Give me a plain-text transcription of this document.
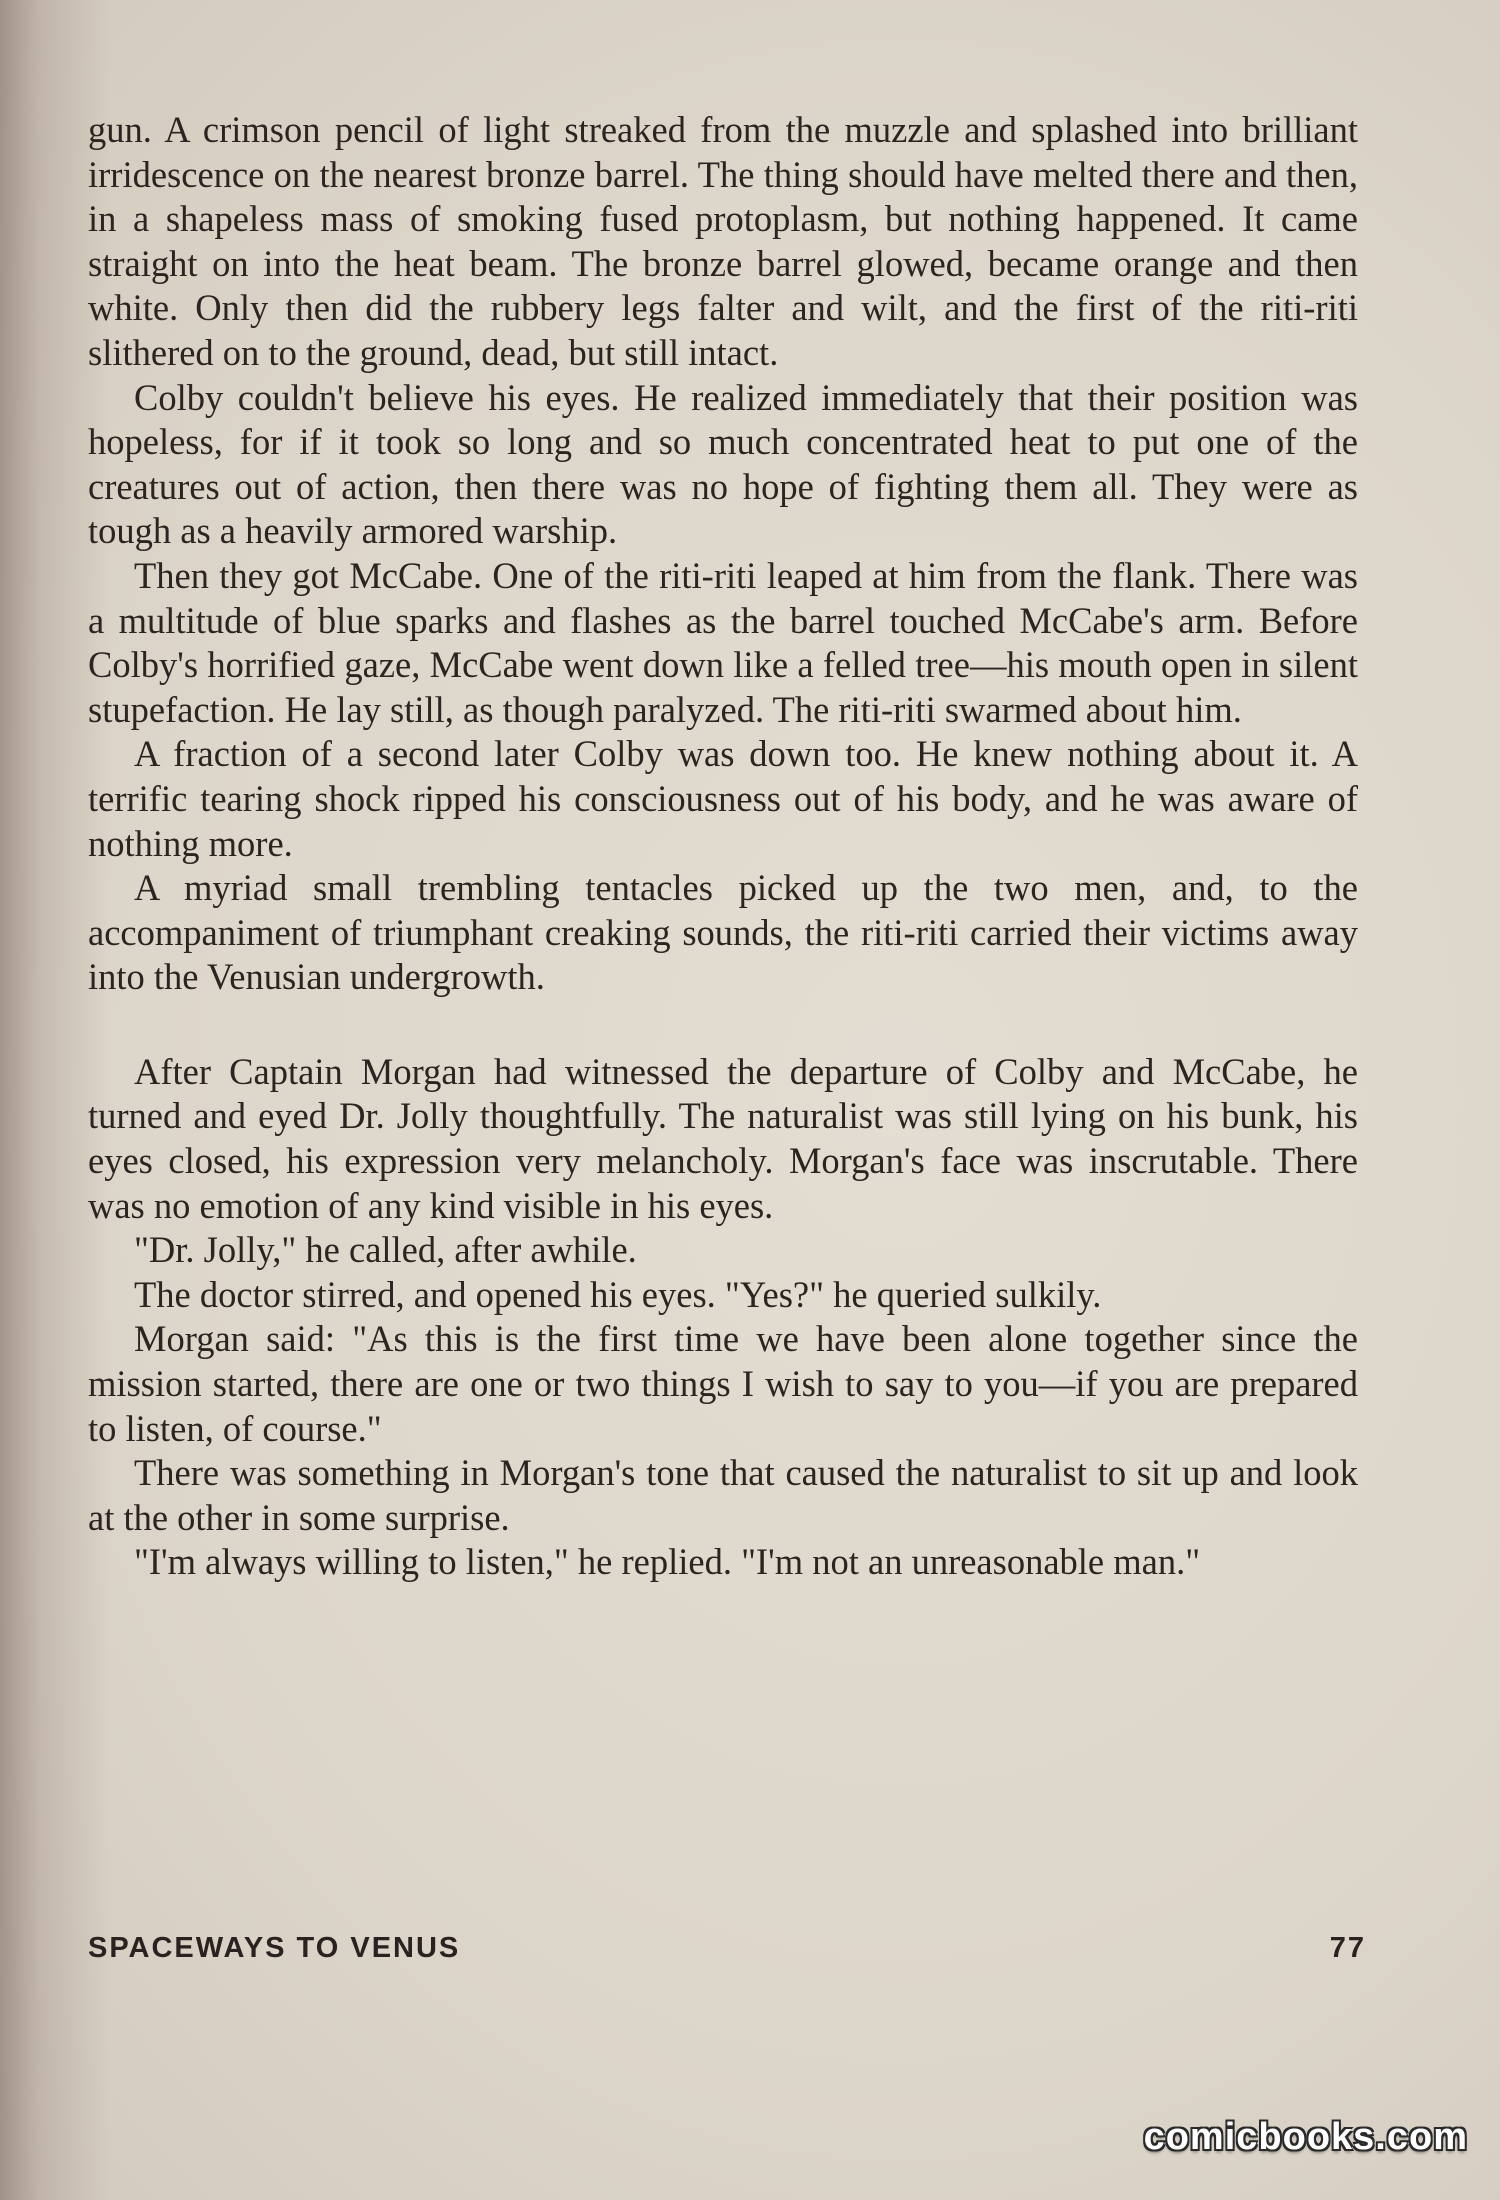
gun. A crimson pencil of light streaked from the muzzle and splashed into brilliant irridescence on the nearest bronze barrel. The thing should have melted there and then, in a shapeless mass of smoking fused protoplasm, but nothing happened. It came straight on into the heat beam. The bronze barrel glowed, became orange and then white. Only then did the rubbery legs falter and wilt, and the first of the riti-riti slithered on to the ground, dead, but still intact.

Colby couldn't believe his eyes. He realized immediately that their position was hopeless, for if it took so long and so much concentrated heat to put one of the creatures out of action, then there was no hope of fighting them all. They were as tough as a heavily armored warship.

Then they got McCabe. One of the riti-riti leaped at him from the flank. There was a multitude of blue sparks and flashes as the barrel touched McCabe's arm. Before Colby's horrified gaze, McCabe went down like a felled tree—his mouth open in silent stupefaction. He lay still, as though paralyzed. The riti-riti swarmed about him.

A fraction of a second later Colby was down too. He knew nothing about it. A terrific tearing shock ripped his consciousness out of his body, and he was aware of nothing more.

A myriad small trembling tentacles picked up the two men, and, to the accompaniment of triumphant creaking sounds, the riti-riti carried their victims away into the Venusian undergrowth.

After Captain Morgan had witnessed the departure of Colby and McCabe, he turned and eyed Dr. Jolly thoughtfully. The naturalist was still lying on his bunk, his eyes closed, his expression very melancholy. Morgan's face was inscrutable. There was no emotion of any kind visible in his eyes.

"Dr. Jolly," he called, after awhile.

The doctor stirred, and opened his eyes. "Yes?" he queried sulkily.

Morgan said: "As this is the first time we have been alone together since the mission started, there are one or two things I wish to say to you—if you are prepared to listen, of course."

There was something in Morgan's tone that caused the naturalist to sit up and look at the other in some surprise.

"I'm always willing to listen," he replied. "I'm not an unreasonable man."

SPACEWAYS TO VENUS	77
comicbooks.com
